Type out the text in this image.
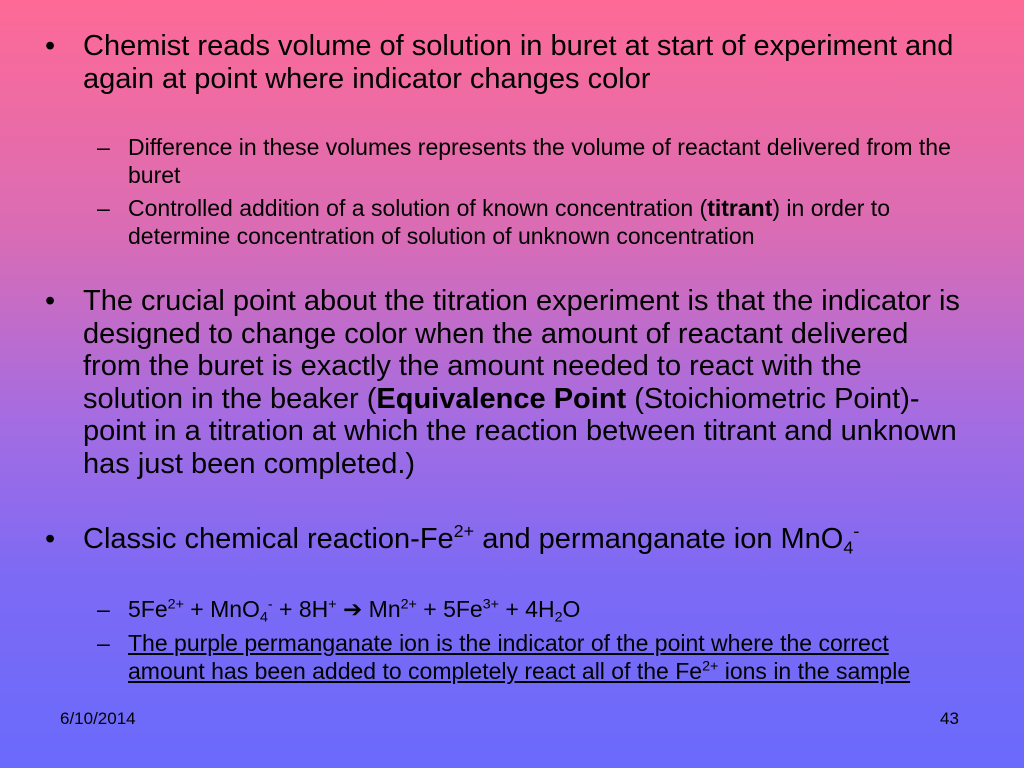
• Chemist reads volume of solution in buret at start of experiment and again at point where indicator changes color

– Difference in these volumes represents the volume of reactant delivered from the buret

– Controlled addition of a solution of known concentration (titrant) in order to determine concentration of solution of unknown concentration

• The crucial point about the titration experiment is that the indicator is designed to change color when the amount of reactant delivered from the buret is exactly the amount needed to react with the solution in the beaker (Equivalence Point (Stoichiometric Point)-point in a titration at which the reaction between titrant and unknown has just been completed.)

• Classic chemical reaction-$Fe^{2+}$ and permanganate ion MnO$_4$-

– $5Fe^{2+} + MnO_4^- + 8H^+$ ➔ $Mn^{2+} + 5Fe^{3+} + 4H_2O$

– The purple permanganate ion is the indicator of the point where the correct amount has been added to completely react all of the $Fe^{2+}$ ions in the sample

6/10/2014	43
